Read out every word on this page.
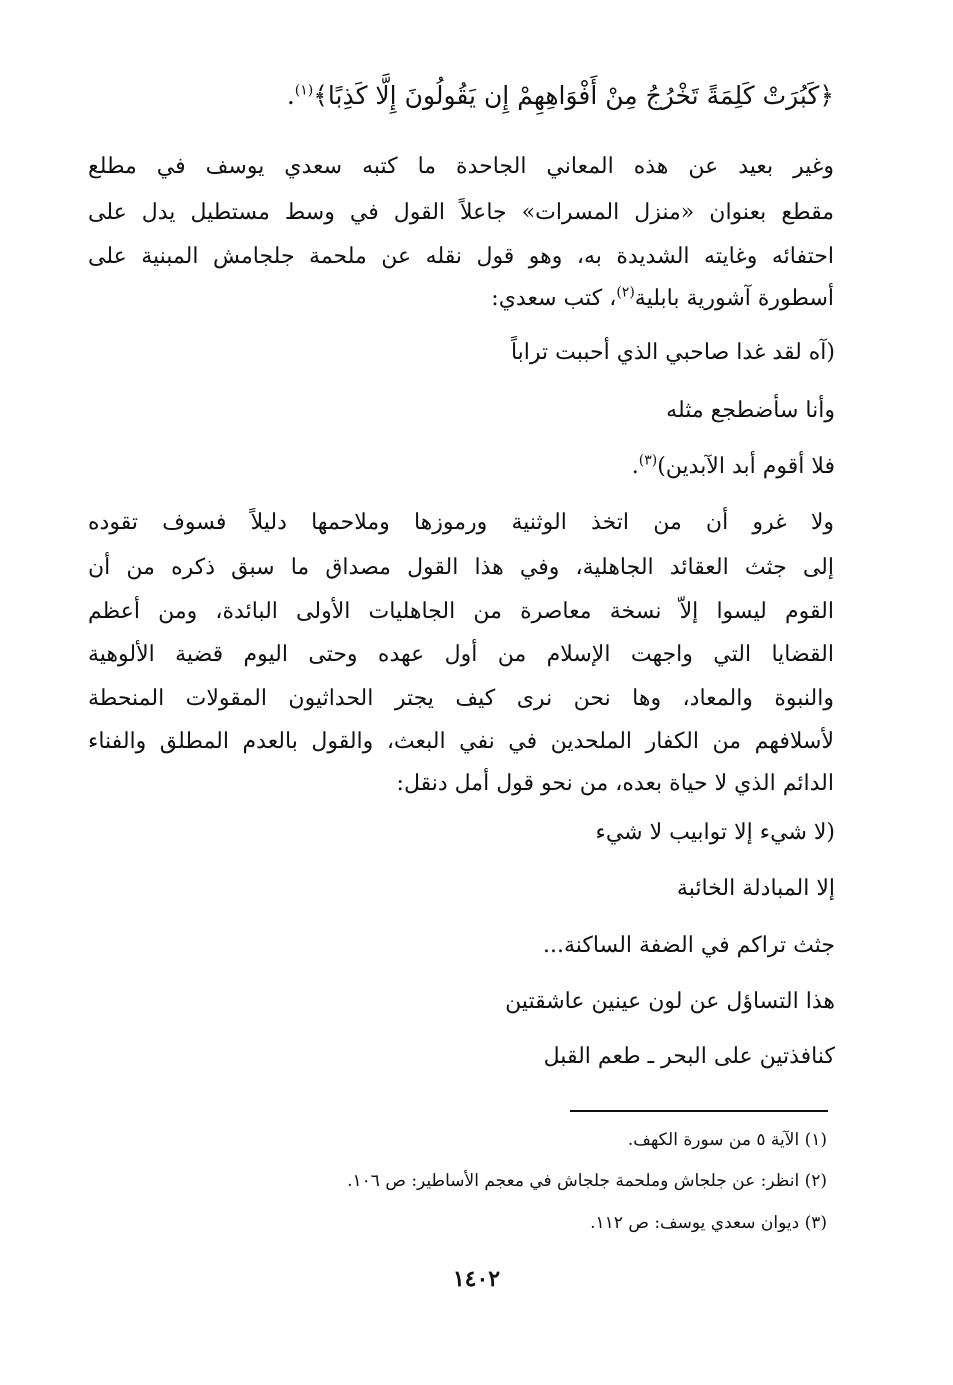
﴿كَبُرَتْ كَلِمَةً تَخْرُجُ مِنْ أَفْوَاهِهِمْ إِن يَقُولُونَ إِلَّا كَذِبًا﴾$^{(١)}$.
وغير بعيد عن هذه المعاني الجاحدة ما كتبه سعدي يوسف في مطلع
مقطع بعنوان «منزل المسرات» جاعلاً القول في وسط مستطيل يدل على
احتفائه وغايته الشديدة به، وهو قول نقله عن ملحمة جلجامش المبنية على
أسطورة آشورية بابلية$^{(٢)}$، كتب سعدي:
(آه لقد غدا صاحبي الذي أحببت تراباً
وأنا سأضطجع مثله
فلا أقوم أبد الآبدين)$^{(٣)}$.
ولا غرو أن من اتخذ الوثنية ورموزها وملاحمها دليلاً فسوف تقوده
إلى جثث العقائد الجاهلية، وفي هذا القول مصداق ما سبق ذكره من أن
القوم ليسوا إلاّ نسخة معاصرة من الجاهليات الأولى البائدة، ومن أعظم
القضايا التي واجهت الإسلام من أول عهده وحتى اليوم قضية الألوهية
والنبوة والمعاد، وها نحن نرى كيف يجتر الحداثيون المقولات المنحطة
لأسلافهم من الكفار الملحدين في نفي البعث، والقول بالعدم المطلق والفناء
الدائم الذي لا حياة بعده، من نحو قول أمل دنقل:
(لا شيء إلا توابيب لا شيء
إلا المبادلة الخائبة
جثث تراكم في الضفة الساكنة...
هذا التساؤل عن لون عينين عاشقتين
كنافذتين على البحر ـ طعم القبل
(١) الآية ٥ من سورة الكهف.
(٢) انظر: عن جلجاش وملحمة جلجاش في معجم الأساطير: ص ١٠٦.
(٣) ديوان سعدي يوسف: ص ١١٢.
١٤٠٢
